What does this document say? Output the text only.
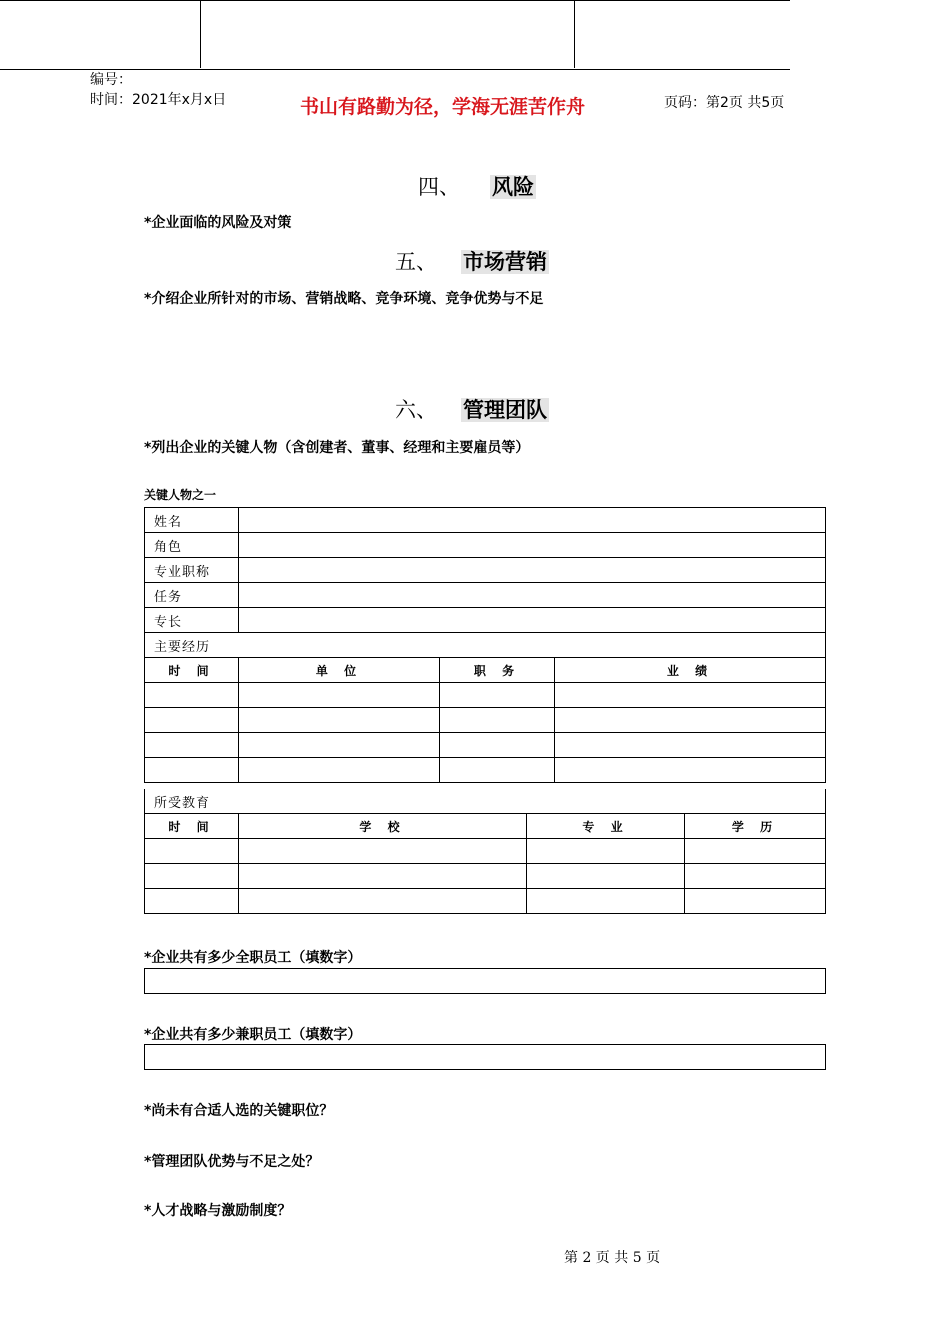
编号：
时间：2021年x月x日	书山有路勤为径，学海无涯苦作舟	页码：第2页 共5页
四、 风险
*企业面临的风险及对策
五、 市场营销
*介绍企业所针对的市场、营销战略、竞争环境、竞争优势与不足
六、 管理团队
*列出企业的关键人物（含创建者、董事、经理和主要雇员等）
关键人物之一
姓名			
角色			
专业职称			
任务			
专长			
主要经历			
时 间	单 位	职 务	业 绩

所受教育			
时 间	学 校	专 业	学 历

*企业共有多少全职员工（填数字）
*企业共有多少兼职员工（填数字）
*尚未有合适人选的关键职位？
*管理团队优势与不足之处？
*人才战略与激励制度？
第 2 页 共 5 页
